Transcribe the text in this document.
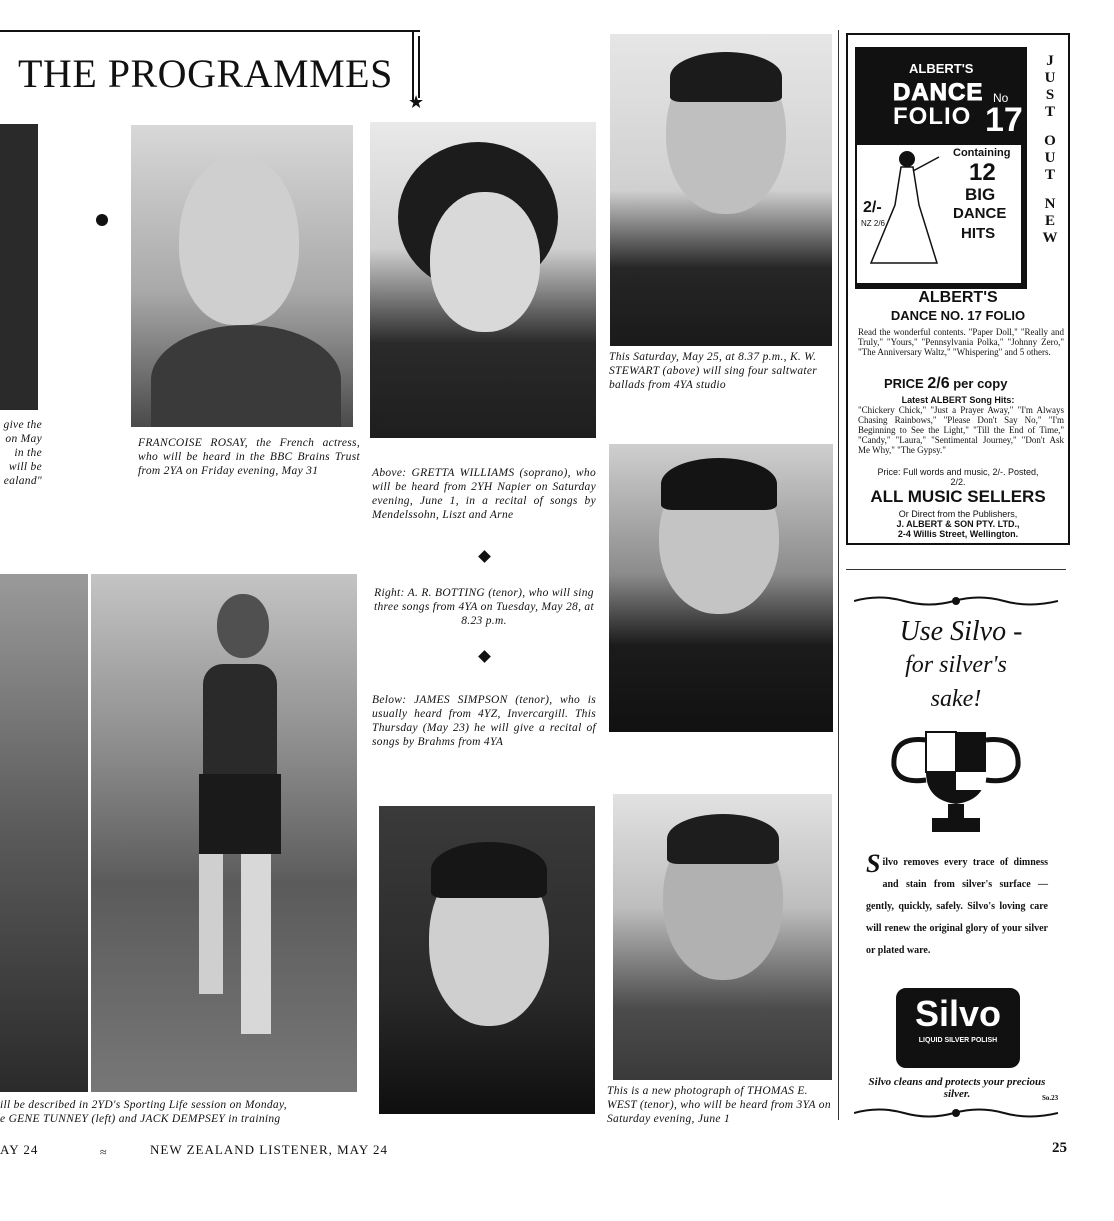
THE PROGRAMMES
★
give the
on May
in the
will be
ealand"
FRANCOISE ROSAY, the French actress, who will be heard in the BBC Brains Trust from 2YA on Friday evening, May 31	Above: GRETTA WILLIAMS (soprano), who will be heard from 2YH Napier on Saturday evening, June 1, in a recital of songs by Mendelssohn, Liszt and Arne
Right: A. R. BOTTING (tenor), who will sing three songs from 4YA on Tuesday, May 28, at 8.23 p.m.
Below: JAMES SIMPSON (tenor), who is usually heard from 4YZ, Invercargill. This Thursday (May 23) he will give a recital of songs by Brahms from 4YA
This Saturday, May 25, at 8.37 p.m., K. W. STEWART (above) will sing four saltwater ballads from 4YA studio
ill be described in 2YD's Sporting Life session on Monday,
e GENE TUNNEY (left) and JACK DEMPSEY in training
This is a new photograph of THOMAS E. WEST (tenor), who will be heard from 3YA on Saturday evening, June 1
ALBERT'S
DANCE
FOLIO
No
17
2/-
NZ 2/6
Containing
12
BIG
DANCE
HITS
J
U
S
T
O
U
T
N
E
W
ALBERT'S
DANCE NO. 17 FOLIO
Read the wonderful contents. "Paper Doll," "Really and Truly," "Yours," "Pennsylvania Polka," "Johnny Zero," "The Anniversary Waltz," "Whispering" and 5 others.
PRICE 2/6 per copy
Latest ALBERT Song Hits:
"Chickery Chick," "Just a Prayer Away," "I'm Always Chasing Rainbows," "Please Don't Say No," "I'm Beginning to See the Light," "Till the End of Time," "Candy," "Laura," "Sentimental Journey," "Don't Ask Me Why," "The Gypsy."
Price: Full words and music, 2/-. Posted, 2/2.
ALL MUSIC SELLERS
Or Direct from the Publishers,
J. ALBERT & SON PTY. LTD.,
2-4 Willis Street, Wellington.
Use Silvo -
for silver's
sake!
S ilvo removes every trace of dimness and stain from silver's surface — gently, quickly, safely. Silvo's loving care will renew the original glory of your silver or plated ware.
Silvo
LIQUID SILVER POLISH
Silvo cleans and protects your precious silver.	So.23
AY 24	≈	NEW ZEALAND LISTENER, MAY 24	25
